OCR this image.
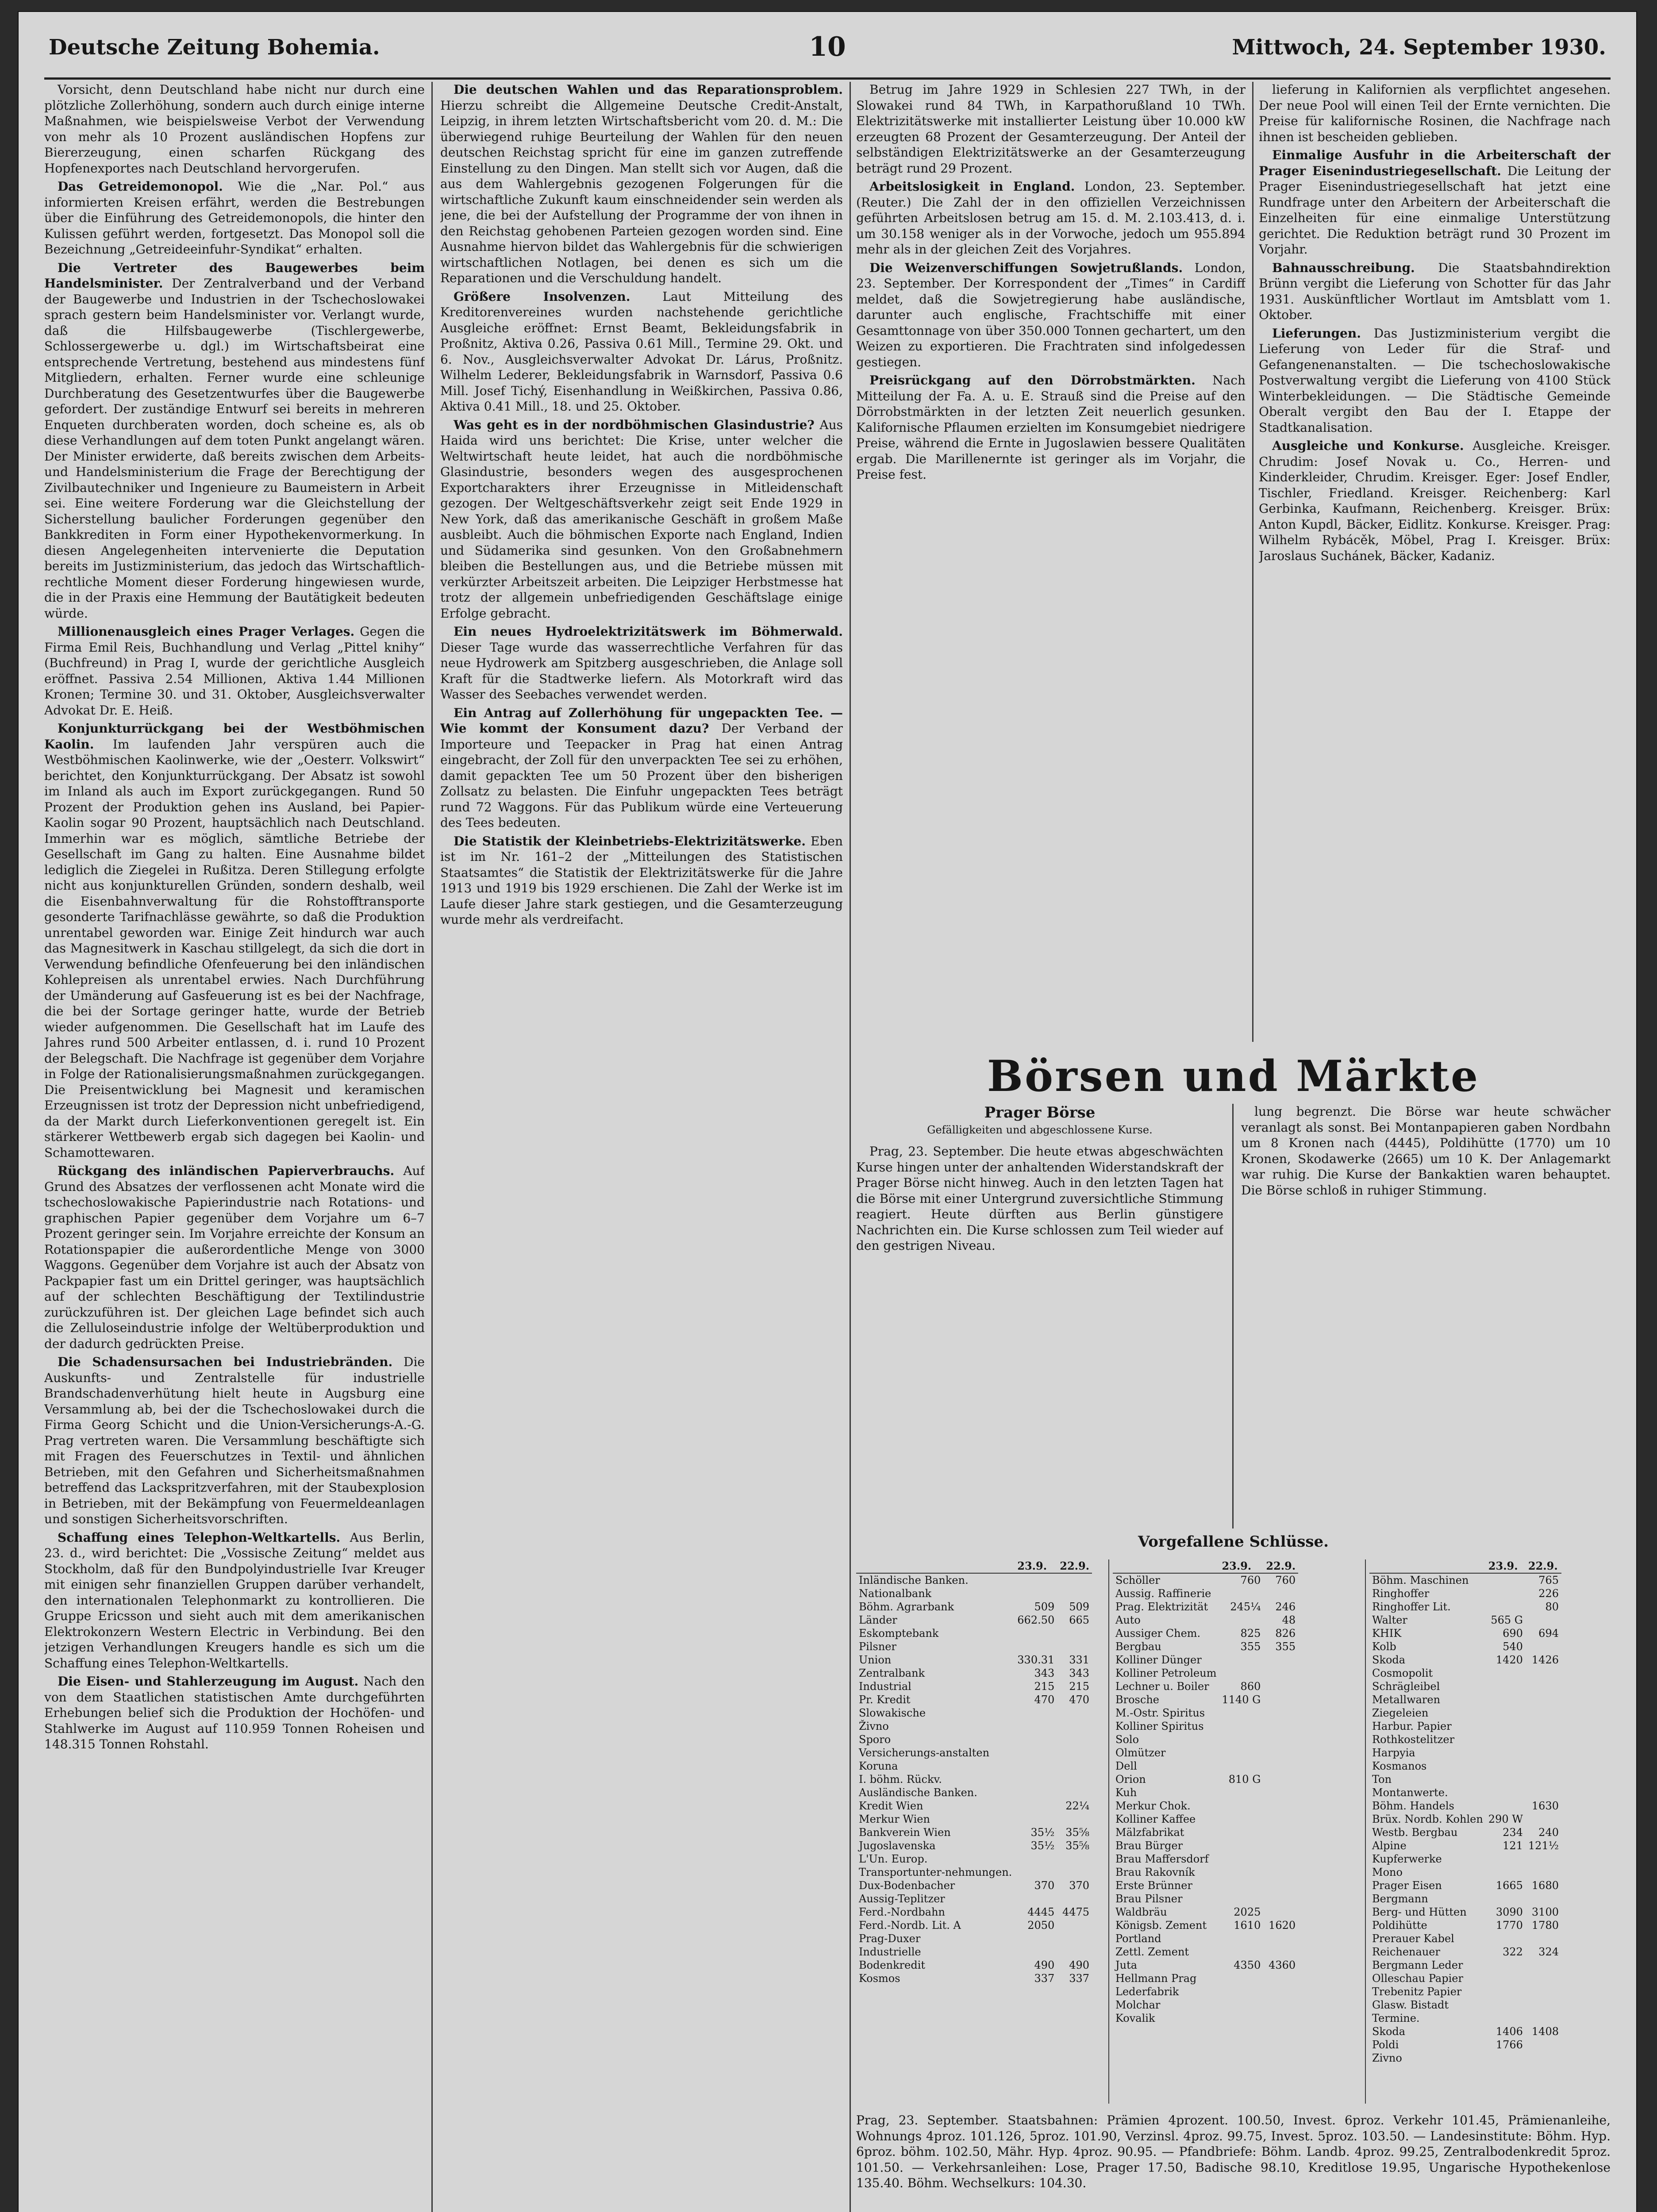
Deutsche Zeitung Bohemia.	10	Mittwoch, 24. September 1930.

Vorsicht, denn Deutschland habe nicht nur durch eine plötzliche Zollerhöhung, sondern auch durch einige interne Maßnahmen, wie beispielsweise Verbot der Verwendung von mehr als 10 Prozent ausländischen Hopfens zur Biererzeugung, einen scharfen Rückgang des Hopfenexportes nach Deutschland hervorgerufen.

Das Getreidemonopol. Wie die „Nar. Pol.“ aus informierten Kreisen erfährt, werden die Bestrebungen über die Einführung des Getreidemonopols, die hinter den Kulissen geführt werden, fortgesetzt. Das Monopol soll die Bezeichnung „Getreideeinfuhr-Syndikat“ erhalten.

Die Vertreter des Baugewerbes beim Handelsminister. Der Zentralverband und der Verband der Baugewerbe und Industrien in der Tschechoslowakei sprach gestern beim Handelsminister vor. Verlangt wurde, daß die Hilfsbaugewerbe (Tischlergewerbe, Schlossergewerbe u. dgl.) im Wirtschaftsbeirat eine entsprechende Vertretung, bestehend aus mindestens fünf Mitgliedern, erhalten. Ferner wurde eine schleunige Durchberatung des Gesetzentwurfes über die Baugewerbe gefordert. Der zuständige Entwurf sei bereits in mehreren Enqueten durchberaten worden, doch scheine es, als ob diese Verhandlungen auf dem toten Punkt angelangt wären. Der Minister erwiderte, daß bereits zwischen dem Arbeits- und Handelsministerium die Frage der Berechtigung der Zivilbautechniker und Ingenieure zu Baumeistern in Arbeit sei. Eine weitere Forderung war die Gleichstellung der Sicherstellung baulicher Forderungen gegenüber den Bankkrediten in Form einer Hypothekenvormerkung. In diesen Angelegenheiten intervenierte die Deputation bereits im Justizministerium, das jedoch das Wirtschaftlich-rechtliche Moment dieser Forderung hingewiesen wurde, die in der Praxis eine Hemmung der Bautätigkeit bedeuten würde.

Millionenausgleich eines Prager Verlages. Gegen die Firma Emil Reis, Buchhandlung und Verlag „Pittel knihy“ (Buchfreund) in Prag I, wurde der gerichtliche Ausgleich eröffnet. Passiva 2.54 Millionen, Aktiva 1.44 Millionen Kronen; Termine 30. und 31. Oktober, Ausgleichsverwalter Advokat Dr. E. Heiß.

Konjunkturrückgang bei der Westböhmischen Kaolin. Im laufenden Jahr verspüren auch die Westböhmischen Kaolinwerke, wie der „Oesterr. Volkswirt“ berichtet, den Konjunkturrückgang. Der Absatz ist sowohl im Inland als auch im Export zurückgegangen. Rund 50 Prozent der Produktion gehen ins Ausland, bei Papier-Kaolin sogar 90 Prozent, hauptsächlich nach Deutschland. Immerhin war es möglich, sämtliche Betriebe der Gesellschaft im Gang zu halten. Eine Ausnahme bildet lediglich die Ziegelei in Rußitza. Deren Stillegung erfolgte nicht aus konjunkturellen Gründen, sondern deshalb, weil die Eisenbahnverwaltung für die Rohstofftransporte gesonderte Tarifnachlässe gewährte, so daß die Produktion unrentabel geworden war. Einige Zeit hindurch war auch das Magnesitwerk in Kaschau stillgelegt, da sich die dort in Verwendung befindliche Ofenfeuerung bei den inländischen Kohlepreisen als unrentabel erwies. Nach Durchführung der Umänderung auf Gasfeuerung ist es bei der Nachfrage, die bei der Sortage geringer hatte, wurde der Betrieb wieder aufgenommen. Die Gesellschaft hat im Laufe des Jahres rund 500 Arbeiter entlassen, d. i. rund 10 Prozent der Belegschaft. Die Nachfrage ist gegenüber dem Vorjahre in Folge der Rationalisierungsmaßnahmen zurückgegangen. Die Preisentwicklung bei Magnesit und keramischen Erzeugnissen ist trotz der Depression nicht unbefriedigend, da der Markt durch Lieferkonventionen geregelt ist. Ein stärkerer Wettbewerb ergab sich dagegen bei Kaolin- und Schamottewaren.

Rückgang des inländischen Papierverbrauchs. Auf Grund des Absatzes der verflossenen acht Monate wird die tschechoslowakische Papierindustrie nach Rotations- und graphischen Papier gegenüber dem Vorjahre um 6–7 Prozent geringer sein. Im Vorjahre erreichte der Konsum an Rotationspapier die außerordentliche Menge von 3000 Waggons. Gegenüber dem Vorjahre ist auch der Absatz von Packpapier fast um ein Drittel geringer, was hauptsächlich auf der schlechten Beschäftigung der Textilindustrie zurückzuführen ist. Der gleichen Lage befindet sich auch die Zelluloseindustrie infolge der Weltüberproduktion und der dadurch gedrückten Preise.

Die Schadensursachen bei Industriebränden. Die Auskunfts- und Zentralstelle für industrielle Brandschadenverhütung hielt heute in Augsburg eine Versammlung ab, bei der die Tschechoslowakei durch die Firma Georg Schicht und die Union-Versicherungs-A.-G. Prag vertreten waren. Die Versammlung beschäftigte sich mit Fragen des Feuerschutzes in Textil- und ähnlichen Betrieben, mit den Gefahren und Sicherheitsmaßnahmen betreffend das Lackspritzverfahren, mit der Staubexplosion in Betrieben, mit der Bekämpfung von Feuermeldeanlagen und sonstigen Sicherheitsvorschriften.

Schaffung eines Telephon-Weltkartells. Aus Berlin, 23. d., wird berichtet: Die „Vossische Zeitung“ meldet aus Stockholm, daß für den Bundpolyindustrielle Ivar Kreuger mit einigen sehr finanziellen Gruppen darüber verhandelt, den internationalen Telephonmarkt zu kontrollieren. Die Gruppe Ericsson und sieht auch mit dem amerikanischen Elektrokonzern Western Electric in Verbindung. Bei den jetzigen Verhandlungen Kreugers handle es sich um die Schaffung eines Telephon-Weltkartells.

Die Eisen- und Stahlerzeugung im August. Nach den von dem Staatlichen statistischen Amte durchgeführten Erhebungen belief sich die Produktion der Hochöfen- und Stahlwerke im August auf 110.959 Tonnen Roheisen und 148.315 Tonnen Rohstahl.

Die deutschen Wahlen und das Reparationsproblem. Hierzu schreibt die Allgemeine Deutsche Credit-Anstalt, Leipzig, in ihrem letzten Wirtschaftsbericht vom 20. d. M.: Die überwiegend ruhige Beurteilung der Wahlen für den neuen deutschen Reichstag spricht für eine im ganzen zutreffende Einstellung zu den Dingen. Man stellt sich vor Augen, daß die aus dem Wahlergebnis gezogenen Folgerungen für die wirtschaftliche Zukunft kaum einschneidender sein werden als jene, die bei der Aufstellung der Programme der von ihnen in den Reichstag gehobenen Parteien gezogen worden sind. Eine Ausnahme hiervon bildet das Wahlergebnis für die schwierigen wirtschaftlichen Notlagen, bei denen es sich um die Reparationen und die Verschuldung handelt.

Größere Insolvenzen.	Laut Mitteilung des Kreditorenvereines wurden nachstehende gerichtliche Ausgleiche eröffnet: Ernst Beamt, Bekleidungsfabrik in Proßnitz, Aktiva 0.26, Passiva 0.61 Mill., Termine 29. Okt. und 6. Nov., Ausgleichsverwalter Advokat Dr. Lárus, Proßnitz. Wilhelm Lederer, Bekleidungsfabrik in Warnsdorf, Passiva 0.6 Mill. Josef Tichý, Eisenhandlung in Weißkirchen, Passiva 0.86, Aktiva 0.41 Mill., 18. und 25. Oktober.

Was geht es in der nordböhmischen Glasindustrie? Aus Haida wird uns berichtet: Die Krise, unter welcher die Weltwirtschaft heute leidet, hat auch die nordböhmische Glasindustrie, besonders wegen des ausgesprochenen Exportcharakters ihrer Erzeugnisse in Mitleidenschaft gezogen. Der Weltgeschäftsverkehr zeigt seit Ende 1929 in New York, daß das amerikanische Geschäft in großem Maße ausbleibt. Auch die böhmischen Exporte nach England, Indien und Südamerika sind gesunken. Von den Großabnehmern bleiben die Bestellungen aus, und die Betriebe müssen mit verkürzter Arbeitszeit arbeiten. Die Leipziger Herbstmesse hat trotz der allgemein unbefriedigenden Geschäftslage einige Erfolge gebracht.

Ein neues Hydroelektrizitätswerk im Böhmerwald. Dieser Tage wurde das wasserrechtliche Verfahren für das neue Hydrowerk am Spitzberg ausgeschrieben, die Anlage soll Kraft für die Stadtwerke liefern. Als Motorkraft wird das Wasser des Seebaches verwendet werden.

Ein Antrag auf Zollerhöhung für ungepackten Tee. — Wie kommt der Konsument dazu? Der Verband der Importeure und Teepacker in Prag hat einen Antrag eingebracht, der Zoll für den unverpackten Tee sei zu erhöhen, damit gepackten Tee um 50 Prozent über den bisherigen Zollsatz zu belasten. Die Einfuhr ungepackten Tees beträgt rund 72 Waggons. Für das Publikum würde eine Verteuerung des Tees bedeuten.

Die Statistik der Kleinbetriebs-Elektrizitätswerke. Eben ist im Nr. 161–2 der „Mitteilungen des Statistischen Staatsamtes“ die Statistik der Elektrizitätswerke für die Jahre 1913 und 1919 bis 1929 erschienen. Die Zahl der Werke ist im Laufe dieser Jahre stark gestiegen, und die Gesamterzeugung wurde mehr als verdreifacht.

Betrug im Jahre 1929 in Schlesien 227 TWh, in der Slowakei rund 84 TWh, in Karpathorußland 10 TWh. Elektrizitätswerke mit installierter Leistung über 10.000 kW erzeugten 68 Prozent der Gesamterzeugung. Der Anteil der selbständigen Elektrizitätswerke an der Gesamterzeugung beträgt rund 29 Prozent.

Arbeitslosigkeit in England. London, 23. September. (Reuter.) Die Zahl der in den offiziellen Verzeichnissen geführten Arbeitslosen betrug am 15. d. M. 2.103.413, d. i. um 30.158 weniger als in der Vorwoche, jedoch um 955.894 mehr als in der gleichen Zeit des Vorjahres.

Die Weizenverschiffungen Sowjetrußlands. London, 23. September. Der Korrespondent der „Times“ in Cardiff meldet, daß die Sowjetregierung habe ausländische, darunter auch englische, Frachtschiffe mit einer Gesamttonnage von über 350.000 Tonnen gechartert, um den Weizen zu exportieren. Die Frachtraten sind infolgedessen gestiegen.

Preisrückgang auf den Dörrobstmärkten. Nach Mitteilung der Fa. A. u. E. Strauß sind die Preise auf den Dörrobstmärkten in der letzten Zeit neuerlich gesunken. Kalifornische Pflaumen erzielten im Konsumgebiet niedrigere Preise, während die Ernte in Jugoslawien bessere Qualitäten ergab. Die Marillenernte ist geringer als im Vorjahr, die Preise fest.

lieferung in Kalifornien als verpflichtet angesehen. Der neue Pool will einen Teil der Ernte vernichten. Die Preise für kalifornische Rosinen, die Nachfrage nach ihnen ist bescheiden geblieben.

Einmalige Ausfuhr in die Arbeiterschaft der Prager Eisenindustriegesellschaft. Die Leitung der Prager Eisenindustriegesellschaft hat jetzt eine Rundfrage unter den Arbeitern der Arbeiterschaft die Einzelheiten für eine einmalige Unterstützung gerichtet. Die Reduktion beträgt rund 30 Prozent im Vorjahr.

Bahnausschreibung. Die Staatsbahndirektion Brünn vergibt die Lieferung von Schotter für das Jahr 1931. Auskünftlicher Wortlaut im Amtsblatt vom 1. Oktober.

Lieferungen. Das Justizministerium vergibt die Lieferung von Leder für die Straf- und Gefangenenanstalten. — Die tschechoslowakische Postverwaltung vergibt die Lieferung von 4100 Stück Winterbekleidungen. — Die Städtische Gemeinde Oberalt vergibt den Bau der I. Etappe der Stadtkanalisation.

Ausgleiche und Konkurse. Ausgleiche. Kreisger. Chrudim: Josef Novak u. Co., Herren- und Kinderkleider, Chrudim. Kreisger. Eger: Josef Endler, Tischler, Friedland. Kreisger. Reichenberg: Karl Gerbinka, Kaufmann, Reichenberg. Kreisger. Brüx: Anton Kupdl, Bäcker, Eidlitz. Konkurse. Kreisger. Prag: Wilhelm Rybácěk, Möbel, Prag I. Kreisger. Brüx: Jaroslaus Suchánek, Bäcker, Kadaniz.

Börsen und Märkte
Prager Börse
Gefälligkeiten und abgeschlossene Kurse.

Prag, 23. September. Die heute etwas abgeschwächten Kurse hingen unter der anhaltenden Widerstandskraft der Prager Börse nicht hinweg. Auch in den letzten Tagen hat die Börse mit einer Untergrund zuversichtliche Stimmung reagiert. Heute dürften aus Berlin günstigere Nachrichten ein. Die Kurse schlossen zum Teil wieder auf den gestrigen Niveau.

lung begrenzt. Die Börse war heute schwächer veranlagt als sonst. Bei Montanpapieren gaben Nordbahn um 8 Kronen nach (4445), Poldihütte (1770) um 10 Kronen, Skodawerke (2665) um 10 K. Der Anlagemarkt war ruhig. Die Kurse der Bankaktien waren behauptet. Die Börse schloß in ruhiger Stimmung.

Vorgefallene Schlüsse.
	23.9.	22.9.
Inländische Banken.		
Nationalbank		
Böhm. Agrarbank	509	509
Länder	662.50	665
Eskomptebank		
Pilsner		
Union	330.31	331
Zentralbank	343	343
Industrial	215	215
Pr. Kredit	470	470
Slowakische		
Živno		
Sporo		
Versicherungs-anstalten		
Koruna		
I. böhm. Rückv.		
Ausländische Banken.		
Kredit Wien		22¼
Merkur Wien		
Bankverein Wien	35½	35⅝
Jugoslavenska	35½	35⅝
L'Un. Europ.		
Transportunter-nehmungen.		
Dux-Bodenbacher	370	370
Aussig-Teplitzer		
Ferd.-Nordbahn	4445	4475
Ferd.-Nordb. Lit. A	2050	
Prag-Duxer		
Industrielle		
Bodenkredit	490	490
Kosmos	337	337
	23.9.	22.9.
Schöller	760	760
Aussig. Raffinerie		
Prag. Elektrizität	245¼	246
Auto		48
Aussiger Chem.	825	826
Bergbau	355	355
Kolliner Dünger		
Kolliner Petroleum		
Lechner u. Boiler	860	
Brosche	1140 G	
M.-Ostr. Spiritus		
Kolliner Spiritus		
Solo		
Olmützer		
Dell		
Orion	810 G	
Kuh		
Merkur Chok.		
Kolliner Kaffee		
Mälzfabrikat		
Brau Bürger		
Brau Maffersdorf		
Brau Rakovník		
Erste Brünner		
Brau Pilsner		
Waldbräu	2025	
Königsb. Zement	1610	1620
Portland		
Zettl. Zement		
Juta	4350	4360
Hellmann Prag		
Lederfabrik		
Molchar		
Kovalik		
	23.9.	22.9.
Böhm. Maschinen		765
Ringhoffer		226
Ringhoffer Lit.		80
Walter	565 G	
KHIK	690	694
Kolb	540	
Skoda	1420	1426
Cosmopolit		
Schrägleibel		
Metallwaren		
Ziegeleien		
Harbur. Papier		
Rothkostelitzer		
Harpyia		
Kosmanos		
Ton		
Montanwerte.		
Böhm. Handels		1630
Brüx. Nordb. Kohlen	290 W	
Westb. Bergbau	234	240
Alpine	121	121½
Kupferwerke		
Mono		
Prager Eisen	1665	1680
Bergmann		
Berg- und Hütten	3090	3100
Poldihütte	1770	1780
Prerauer Kabel		
Reichenauer	322	324
Bergmann Leder		
Olleschau Papier		
Trebenitz Papier		
Glasw. Bistadt		
Termine.		
Skoda	1406	1408
Poldi	1766	
Zivno		

Prag, 23. September. Staatsbahnen: Prämien 4prozent. 100.50, Invest. 6proz. Verkehr 101.45, Prämienanleihe, Wohnungs 4proz. 101.126, 5proz. 101.90, Verzinsl. 4proz. 99.75, Invest. 5proz. 103.50. — Landesinstitute: Böhm. Hyp. 6proz. böhm. 102.50, Mähr. Hyp. 4proz. 90.95. — Pfandbriefe: Böhm. Landb. 4proz. 99.25, Zentralbodenkredit 5proz. 101.50. — Verkehrsanleihen: Lose, Prager 17.50, Badische 98.10, Kreditlose 19.95, Ungarische Hypothekenlose 135.40. Böhm. Wechselkurs: 104.30.
